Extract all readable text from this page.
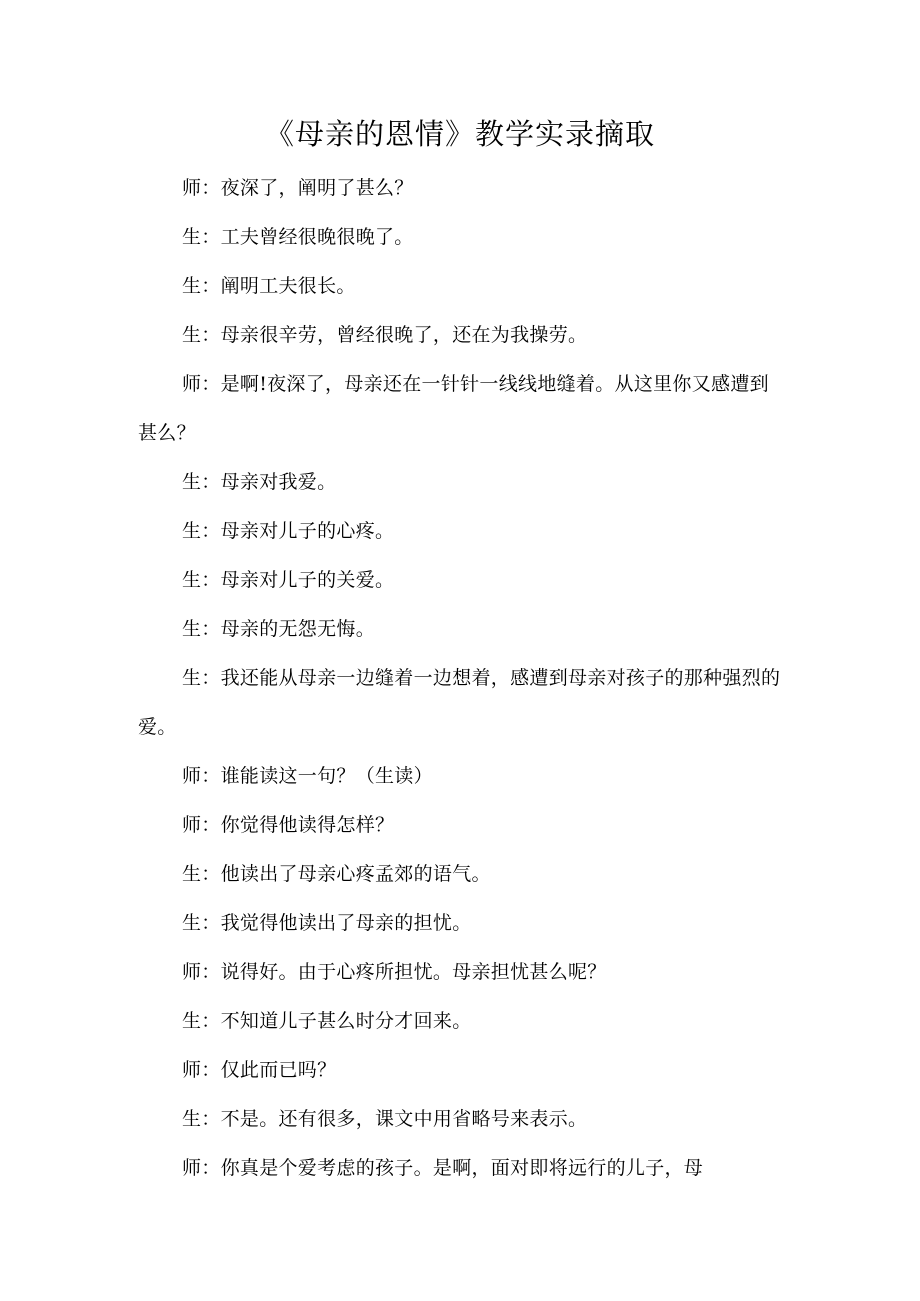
《母亲的恩情》教学实录摘取

师：夜深了，阐明了甚么？

生：工夫曾经很晚很晚了。

生：阐明工夫很长。

生：母亲很辛劳，曾经很晚了，还在为我操劳。

师：是啊!夜深了，母亲还在一针针一线线地缝着。从这里你又感遭到甚么？

生：母亲对我爱。

生：母亲对儿子的心疼。

生：母亲对儿子的关爱。

生：母亲的无怨无悔。

生：我还能从母亲一边缝着一边想着，感遭到母亲对孩子的那种强烈的爱。

师：谁能读这一句？（生读）

师：你觉得他读得怎样？

生：他读出了母亲心疼孟郊的语气。

生：我觉得他读出了母亲的担忧。

师：说得好。由于心疼所担忧。母亲担忧甚么呢？

生：不知道儿子甚么时分才回来。

师：仅此而已吗？

生：不是。还有很多，课文中用省略号来表示。

师：你真是个爱考虑的孩子。是啊，面对即将远行的儿子，母
